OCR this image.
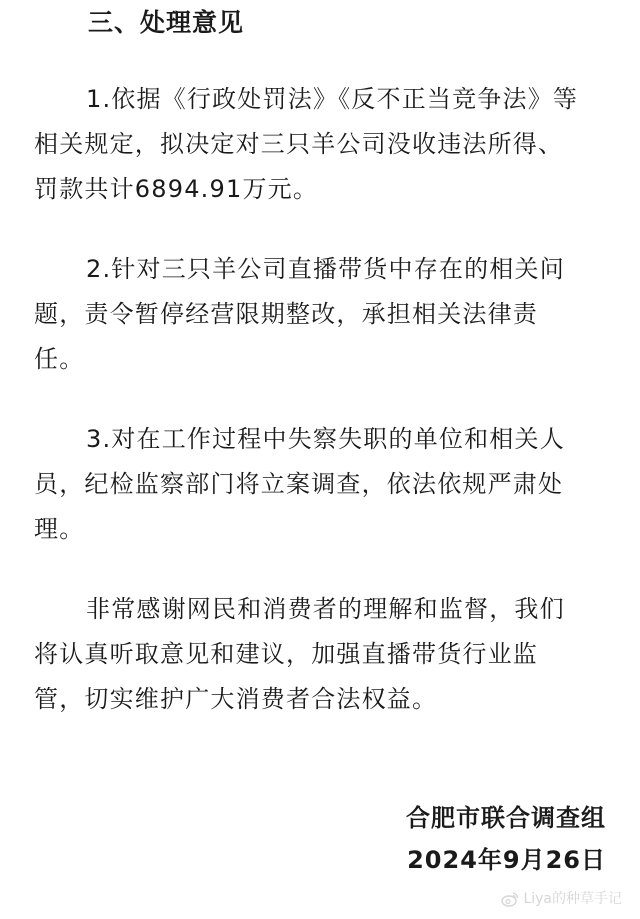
三、处理意见

1.依据《行政处罚法》《反不正当竞争法》等
相关规定，拟决定对三只羊公司没收违法所得、
罚款共计6894.91万元。

2.针对三只羊公司直播带货中存在的相关问
题，责令暂停经营限期整改，承担相关法律责
任。

3.对在工作过程中失察失职的单位和相关人
员，纪检监察部门将立案调查，依法依规严肃处
理。

非常感谢网民和消费者的理解和监督，我们
将认真听取意见和建议，加强直播带货行业监
管，切实维护广大消费者合法权益。

合肥市联合调查组
2024年9月26日
Liya的种草手记
